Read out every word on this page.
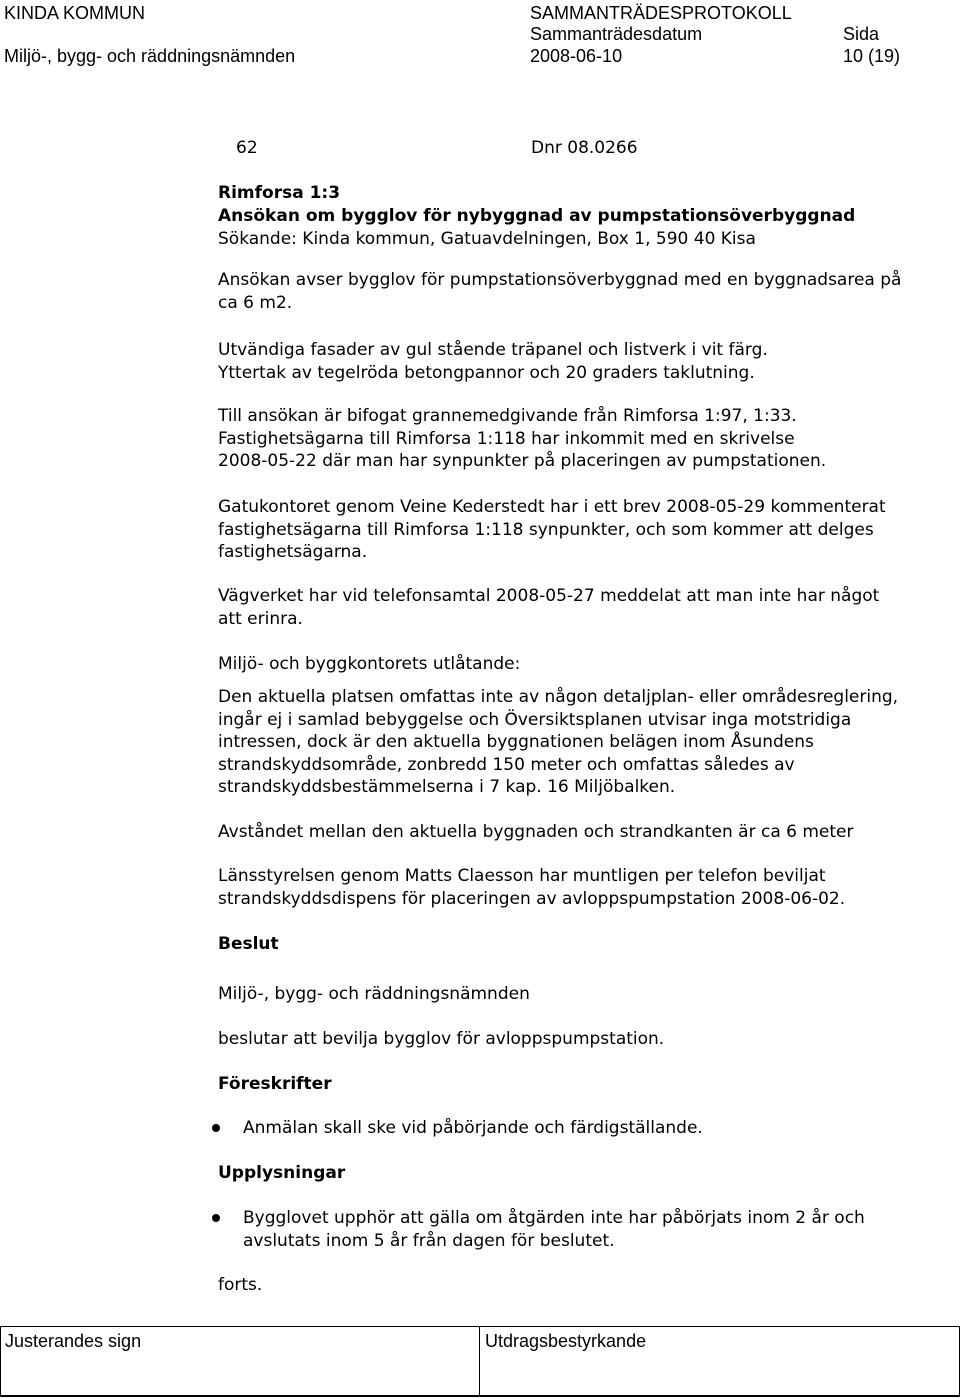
KINDA KOMMUN
Miljö-, bygg- och räddningsnämnden
SAMMANTRÄDESPROTOKOLL
Sammanträdesdatum
2008-06-10
Sida
10 (19)
62	Dnr 08.0266
Rimforsa 1:3
Ansökan om bygglov för nybyggnad av pumpstationsöverbyggnad
Sökande: Kinda kommun, Gatuavdelningen, Box 1, 590 40 Kisa
Ansökan avser bygglov för pumpstationsöverbyggnad med en byggnadsarea på
ca 6 m2.
Utvändiga fasader av gul stående träpanel och listverk i vit färg.
Yttertak av tegelröda betongpannor och 20 graders taklutning.
Till ansökan är bifogat grannemedgivande från Rimforsa 1:97, 1:33.
Fastighetsägarna till Rimforsa 1:118 har inkommit med en skrivelse
2008-05-22 där man har synpunkter på placeringen av pumpstationen.
Gatukontoret genom Veine Kederstedt har i ett brev 2008-05-29 kommenterat
fastighetsägarna till Rimforsa 1:118 synpunkter, och som kommer att delges
fastighetsägarna.
Vägverket har vid telefonsamtal 2008-05-27 meddelat att man inte har något
att erinra.
Miljö- och byggkontorets utlåtande:
Den aktuella platsen omfattas inte av någon detaljplan- eller områdesreglering,
ingår ej i samlad bebyggelse och Översiktsplanen utvisar inga motstridiga
intressen, dock är den aktuella byggnationen belägen inom Åsundens
strandskyddsområde, zonbredd 150 meter och omfattas således av
strandskyddsbestämmelserna i 7 kap. 16 Miljöbalken.
Avståndet mellan den aktuella byggnaden och strandkanten är ca 6 meter
Länsstyrelsen genom Matts Claesson har muntligen per telefon beviljat
strandskyddsdispens för placeringen av avloppspumpstation 2008-06-02.
Beslut
Miljö-, bygg- och räddningsnämnden
beslutar att bevilja bygglov för avloppspumpstation.
Föreskrifter
Anmälan skall ske vid påbörjande och färdigställande.
Upplysningar
Bygglovet upphör att gälla om åtgärden inte har påbörjats inom 2 år och
avslutats inom 5 år från dagen för beslutet.
forts.
Justerandes sign	Utdragsbestyrkande
